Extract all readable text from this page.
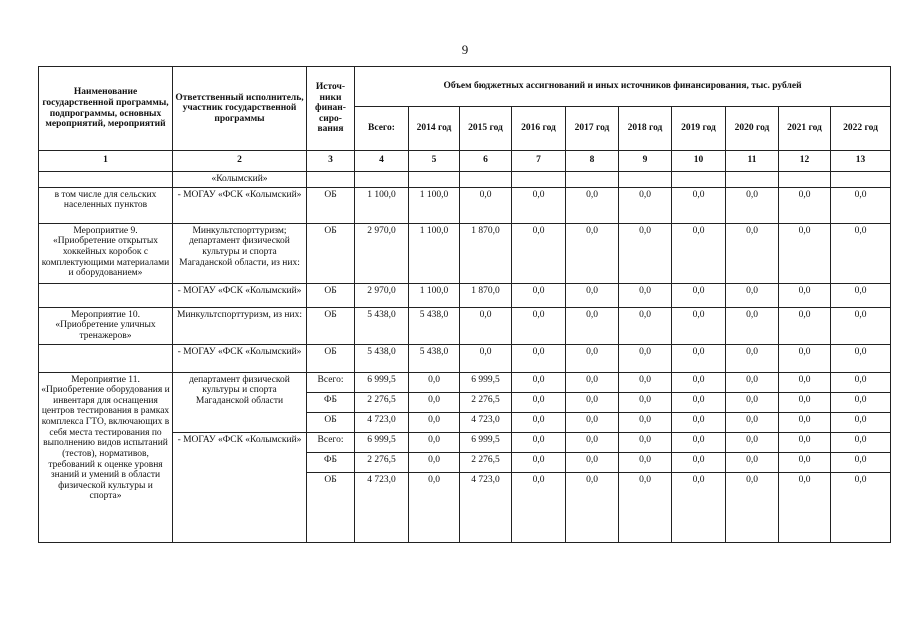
9
Наименование государственной программы, подпрограммы, основных мероприятий, мероприятий	Ответственный исполнитель, участник государственной программы	Источ-ники финан-сиро-вания	Объем бюджетных ассигнований и иных источников финансирования, тыс. рублей									
			Всего:	2014 год	2015 год	2016 год	2017 год	2018 год	2019 год	2020 год	2021 год	2022 год
1	2	3	4	5	6	7	8	9	10	11	12	13
	«Колымский»											
в том числе для сельских населенных пунктов	- МОГАУ «ФСК «Колымский»	ОБ	1 100,0	1 100,0	0,0	0,0	0,0	0,0	0,0	0,0	0,0	0,0
Мероприятие 9. «Приобретение открытых хоккейных коробок с комплектующими материалами и оборудованием»	Минкультспорттуризм; департамент физической культуры и спорта Магаданской области, из них:	ОБ	2 970,0	1 100,0	1 870,0	0,0	0,0	0,0	0,0	0,0	0,0	0,0
	- МОГАУ «ФСК «Колымский»	ОБ	2 970,0	1 100,0	1 870,0	0,0	0,0	0,0	0,0	0,0	0,0	0,0
Мероприятие 10. «Приобретение уличных тренажеров»	Минкультспорттуризм, из них:	ОБ	5 438,0	5 438,0	0,0	0,0	0,0	0,0	0,0	0,0	0,0	0,0
	- МОГАУ «ФСК «Колымский»	ОБ	5 438,0	5 438,0	0,0	0,0	0,0	0,0	0,0	0,0	0,0	0,0
Мероприятие 11. «Приобретение оборудования и инвентаря для оснащения центров тестирования в рамках комплекса ГТО, включающих в себя места тестирования по выполнению видов испытаний (тестов), нормативов, требований к оценке уровня знаний и умений в области физической культуры и спорта»	департамент физической культуры и спорта Магаданской области	Всего:	6 999,5	0,0	6 999,5	0,0	0,0	0,0	0,0	0,0	0,0	0,0
		ФБ	2 276,5	0,0	2 276,5	0,0	0,0	0,0	0,0	0,0	0,0	0,0
		ОБ	4 723,0	0,0	4 723,0	0,0	0,0	0,0	0,0	0,0	0,0	0,0
	- МОГАУ «ФСК «Колымский»	Всего:	6 999,5	0,0	6 999,5	0,0	0,0	0,0	0,0	0,0	0,0	0,0
		ФБ	2 276,5	0,0	2 276,5	0,0	0,0	0,0	0,0	0,0	0,0	0,0
		ОБ	4 723,0	0,0	4 723,0	0,0	0,0	0,0	0,0	0,0	0,0	0,0
